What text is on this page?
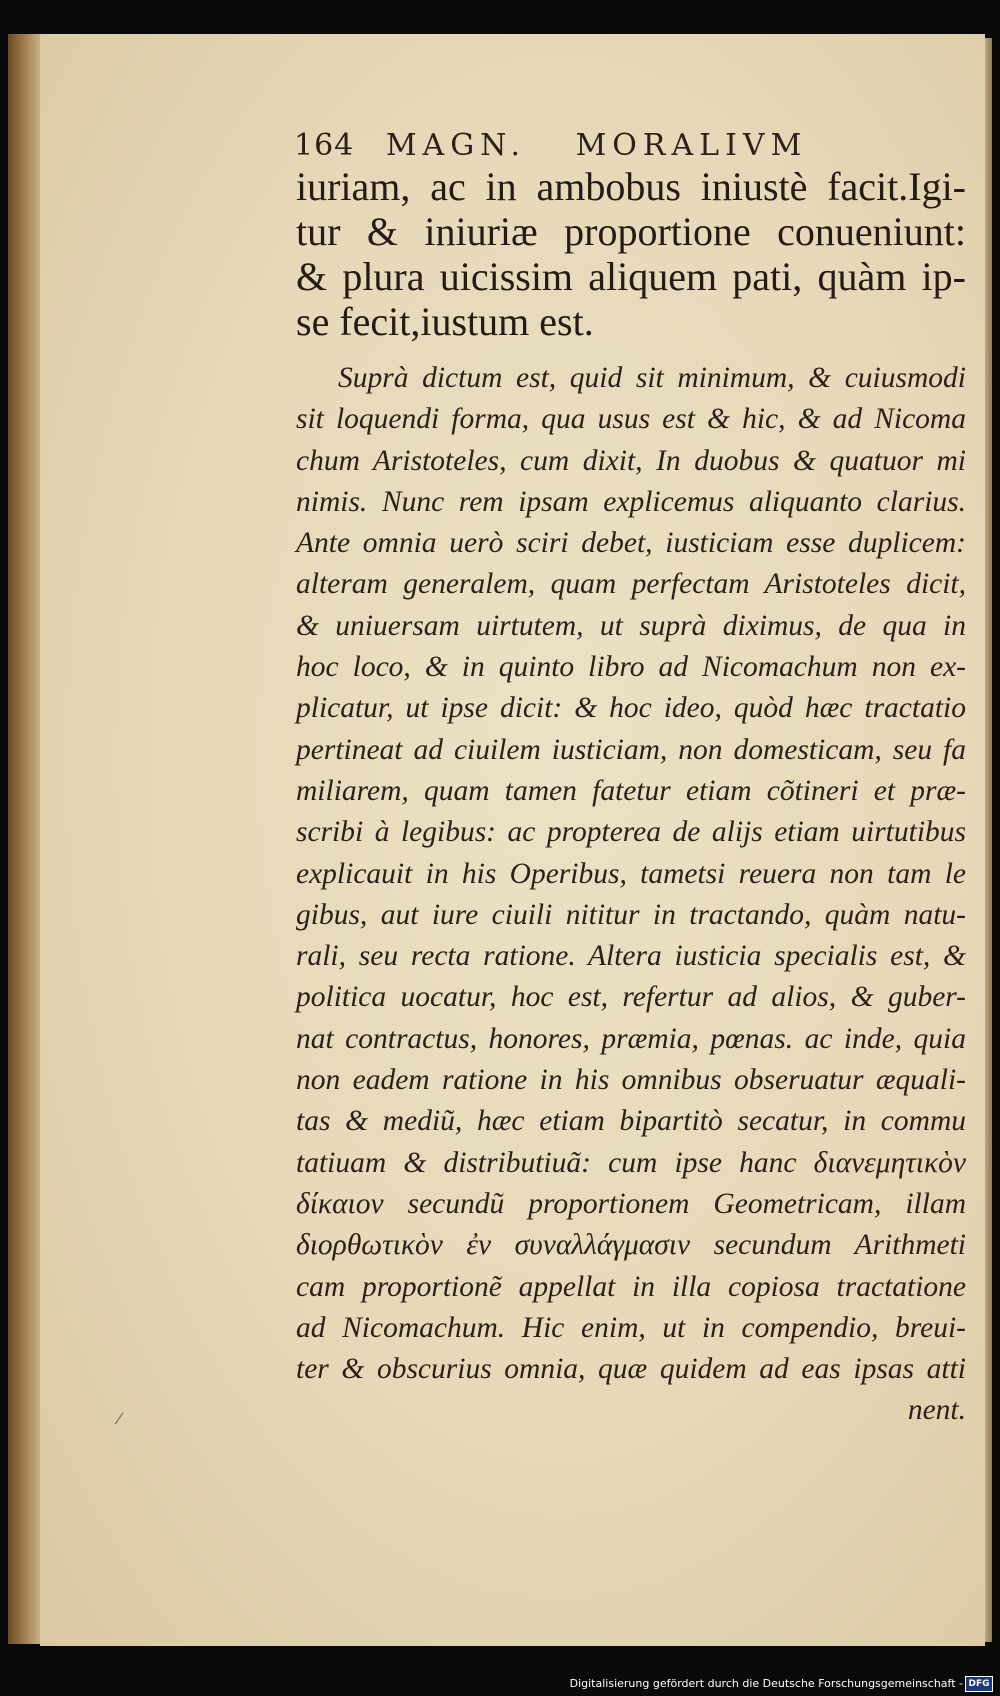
164 MAGN. MORALIVM
iuriam, ac in ambobus iniustè facit.Igi-
tur & iniuriæ proportione conueniunt:
& plura uicissim aliquem pati, quàm ip-
se fecit,iustum est.
Suprà dictum est, quid sit minimum, & cuiusmodi
sit loquendi forma, qua usus est & hic, & ad Nicoma
chum Aristoteles, cum dixit, In duobus & quatuor mi
nimis. Nunc rem ipsam explicemus aliquanto clarius.
Ante omnia uerò sciri debet, iusticiam esse duplicem:
alteram generalem, quam perfectam Aristoteles dicit,
& uniuersam uirtutem, ut suprà diximus, de qua in
hoc loco, & in quinto libro ad Nicomachum non ex-
plicatur, ut ipse dicit: & hoc ideo, quòd hæc tractatio
pertineat ad ciuilem iusticiam, non domesticam, seu fa
miliarem, quam tamen fatetur etiam cõtineri et præ-
scribi à legibus: ac propterea de alijs etiam uirtutibus
explicauit in his Operibus, tametsi reuera non tam le
gibus, aut iure ciuili nititur in tractando, quàm natu-
rali, seu recta ratione. Altera iusticia specialis est, &
politica uocatur, hoc est, refertur ad alios, & guber-
nat contractus, honores, præmia, pœnas. ac inde, quia
non eadem ratione in his omnibus obseruatur æquali-
tas & mediũ, hæc etiam bipartitò secatur, in commu
tatiuam & distributiuã: cum ipse hanc διανεμητικὸν
δίκαιον secundũ proportionem Geometricam, illam
διορθωτικὸν ἐν συναλλάγμασιν secundum Arithmeti
cam proportionẽ appellat in illa copiosa tractatione
ad Nicomachum. Hic enim, ut in compendio, breui-
ter & obscurius omnia, quæ quidem ad eas ipsas atti
nent.
Digitalisierung gefördert durch die Deutsche Forschungsgemeinschaft - DFG
